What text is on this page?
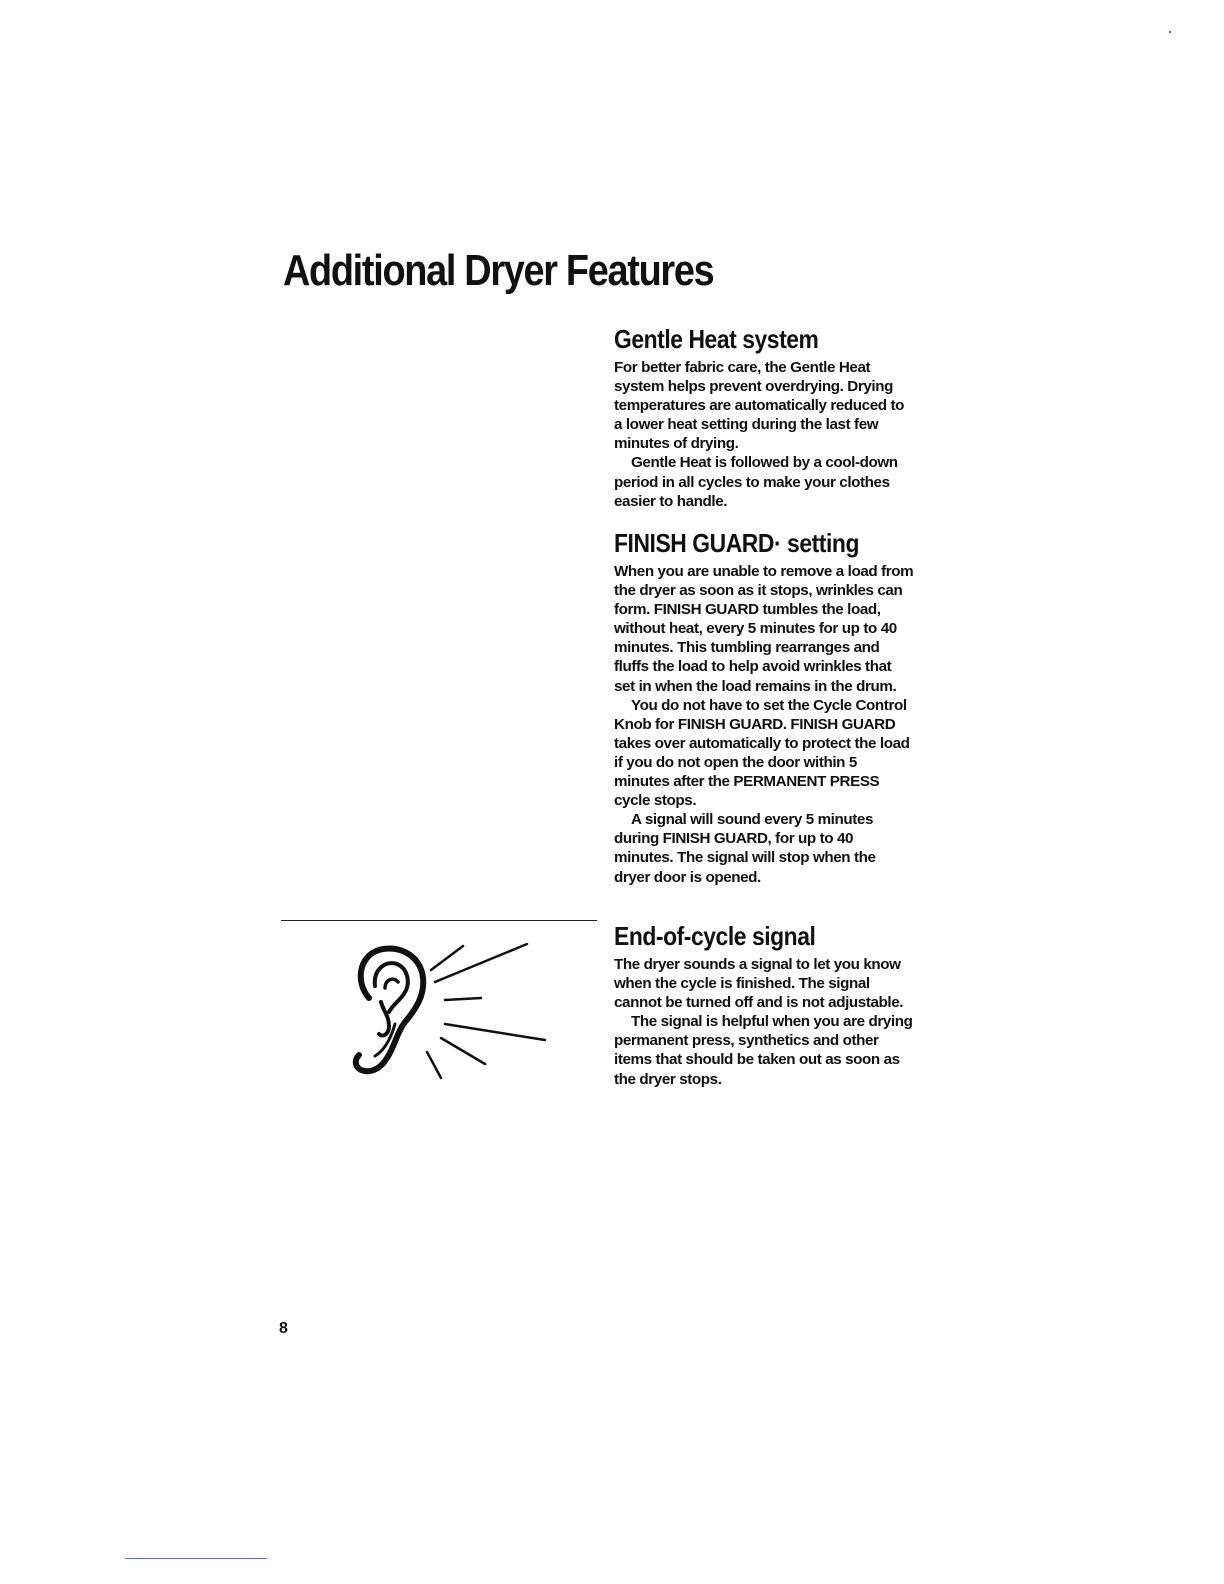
Additional Dryer Features
Gentle Heat system

For better fabric care, the Gentle Heat system helps prevent overdrying. Drying temperatures are automatically reduced to a lower heat setting during the last few minutes of drying.

Gentle Heat is followed by a cool-down period in all cycles to make your clothes easier to handle.

FINISH GUARD· setting

When you are unable to remove a load from the dryer as soon as it stops, wrinkles can form. FINISH GUARD tumbles the load, without heat, every 5 minutes for up to 40 minutes. This tumbling rearranges and fluffs the load to help avoid wrinkles that set in when the load remains in the drum.

You do not have to set the Cycle Control Knob for FINISH GUARD. FINISH GUARD takes over automatically to protect the load if you do not open the door within 5 minutes after the PERMANENT PRESS cycle stops.

A signal will sound every 5 minutes during FINISH GUARD, for up to 40 minutes. The signal will stop when the dryer door is opened.

End-of-cycle signal

The dryer sounds a signal to let you know when the cycle is finished. The signal cannot be turned off and is not adjustable.

The signal is helpful when you are drying permanent press, synthetics and other items that should be taken out as soon as the dryer stops.

8
